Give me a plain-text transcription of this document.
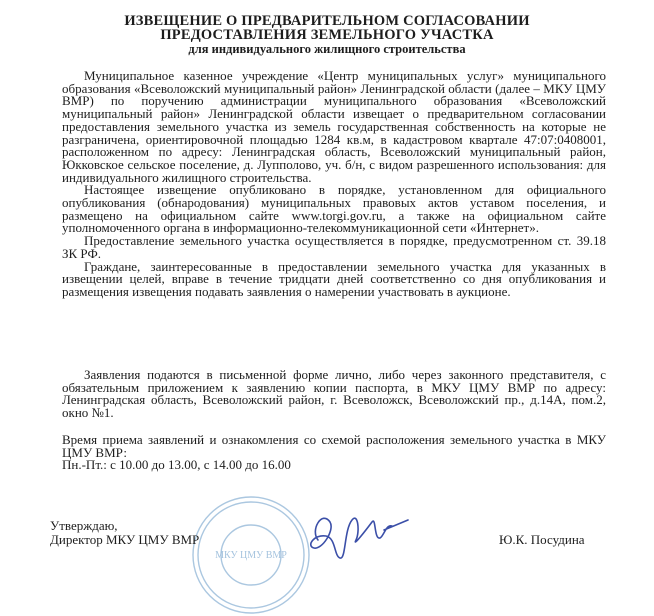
ИЗВЕЩЕНИЕ О ПРЕДВАРИТЕЛЬНОМ СОГЛАСОВАНИИ
ПРЕДОСТАВЛЕНИЯ ЗЕМЕЛЬНОГО УЧАСТКА
для индивидуального жилищного строительства

Муниципальное казенное учреждение «Центр муниципальных услуг» муниципального образования «Всеволожский муниципальный район» Ленинградской области (далее – МКУ ЦМУ ВМР) по поручению администрации муниципального образования «Всеволожский муниципальный район» Ленинградской области извещает о предварительном согласовании предоставления земельного участка из земель государственная собственность на которые не разграничена, ориентировочной площадью 1284 кв.м, в кадастровом квартале 47:07:0408001, расположенном по адресу: Ленинградская область, Всеволожский муниципальный район, Юкковское сельское поселение, д. Лупполово, уч. б/н, с видом разрешенного использования: для индивидуального жилищного строительства.

Настоящее извещение опубликовано в порядке, установленном для официального опубликования (обнародования) муниципальных правовых актов уставом поселения, и размещено на официальном сайте www.torgi.gov.ru, а также на официальном сайте уполномоченного органа в информационно-телекоммуникационной сети «Интернет».

Предоставление земельного участка осуществляется в порядке, предусмотренном ст. 39.18 ЗК РФ.

Граждане, заинтересованные в предоставлении земельного участка для указанных в извещении целей, вправе в течение тридцати дней соответственно со дня опубликования и размещения извещения подавать заявления о намерении участвовать в аукционе.

Заявления подаются в письменной форме лично, либо через законного представителя, с обязательным приложением к заявлению копии паспорта, в МКУ ЦМУ ВМР по адресу: Ленинградская область, Всеволожский район, г. Всеволожск, Всеволожский пр., д.14А, пом.2, окно №1.

Время приема заявлений и ознакомления со схемой расположения земельного участка в МКУ ЦМУ ВМР:

Пн.-Пт.: с 10.00 до 13.00, с 14.00 до 16.00

МКУ ЦМУ ВМР
Утверждаю,
Директор МКУ ЦМУ ВМР	Ю.К. Посудина
